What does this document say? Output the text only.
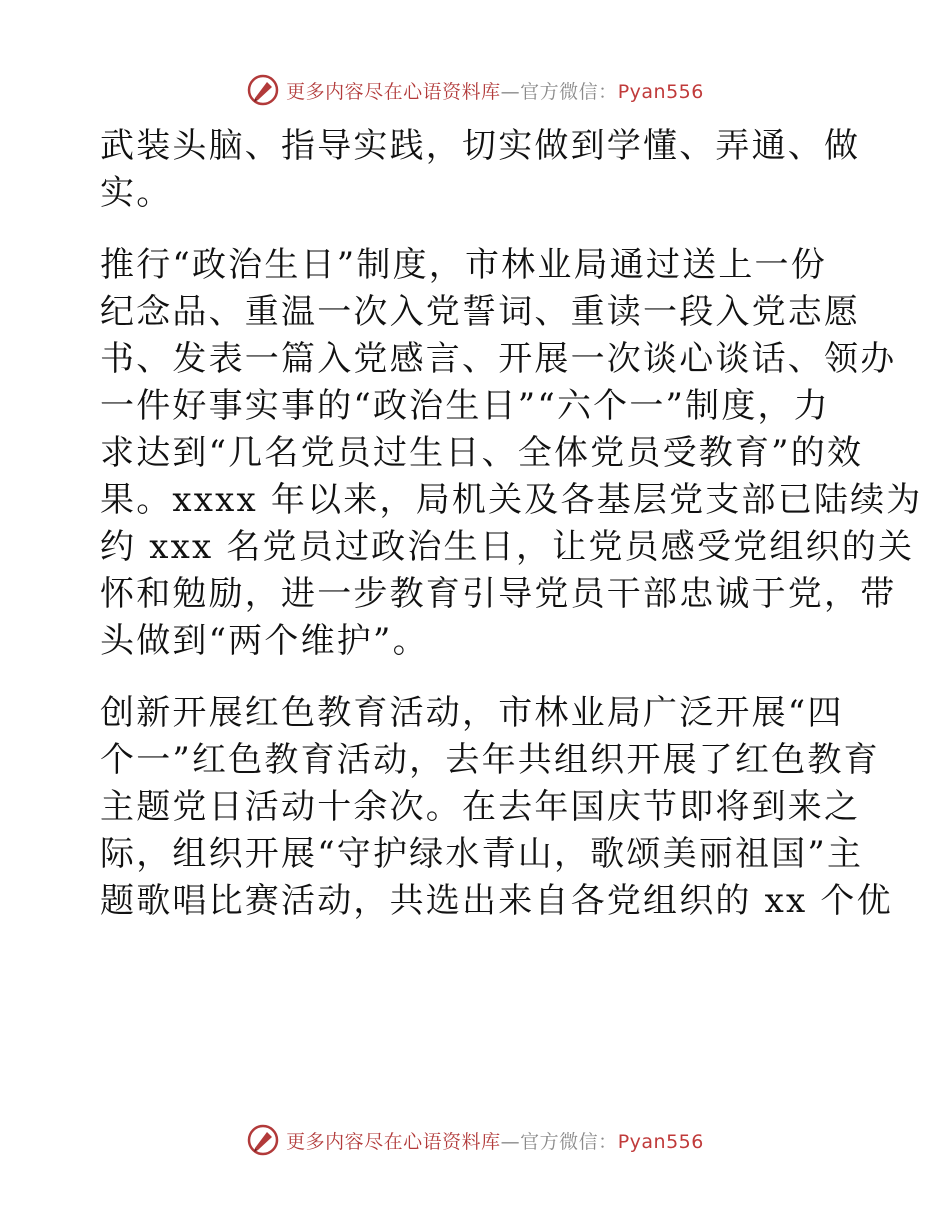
更多内容尽在心语资料库—官方微信：Pyan556

武装头脑、指导实践，切实做到学懂、弄通、做
实。

推行“政治生日”制度，市林业局通过送上一份
纪念品、重温一次入党誓词、重读一段入党志愿
书、发表一篇入党感言、开展一次谈心谈话、领办
一件好事实事的“政治生日”“六个一”制度，力
求达到“几名党员过生日、全体党员受教育”的效
果。xxxx 年以来，局机关及各基层党支部已陆续为
约 xxx 名党员过政治生日，让党员感受党组织的关
怀和勉励，进一步教育引导党员干部忠诚于党，带
头做到“两个维护”。

创新开展红色教育活动，市林业局广泛开展“四
个一”红色教育活动，去年共组织开展了红色教育
主题党日活动十余次。在去年国庆节即将到来之
际，组织开展“守护绿水青山，歌颂美丽祖国”主
题歌唱比赛活动，共选出来自各党组织的 xx 个优

更多内容尽在心语资料库—官方微信：Pyan556
